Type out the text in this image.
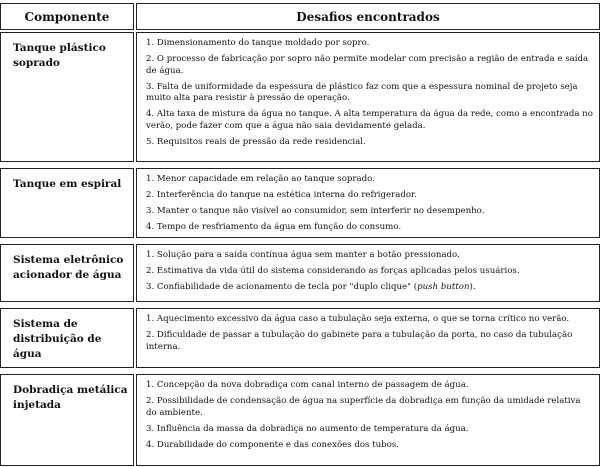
Componente	Desafios encontrados
Tanque plástico soprado
1. Dimensionamento do tanque moldado por sopro.
2. O processo de fabricação por sopro não permite modelar com precisão a região de entrada e saída de água.
3. Falta de uniformidade da espessura de plástico faz com que a espessura nominal de projeto seja muito alta para resistir à pressão de operação.
4. Alta taxa de mistura da água no tanque. A alta temperatura da água da rede, como a encontrada no verão, pode fazer com que a água não saia devidamente gelada.
5. Requisitos reais de pressão da rede residencial.
Tanque em espiral	1. Menor capacidade em relação ao tanque soprado.
2. Interferência do tanque na estética interna do refrigerador.
3. Manter o tanque não visível ao consumidor, sem interferir no desempenho.
4. Tempo de resfriamento da água em função do consumo.
Sistema eletrônico acionador de água
1. Solução para a saída contínua água sem manter a botão pressionado.
2. Estimativa da vida útil do sistema considerando as forças aplicadas pelos usuários.
3. Confiabilidade de acionamento de tecla por "duplo clique" (push button).
Sistema de distribuição de água
1. Aquecimento excessivo da água caso a tubulação seja externa, o que se torna crítico no verão.
2. Dificuldade de passar a tubulação do gabinete para a tubulação da porta, no caso da tubulação interna.
Dobradiça metálica injetada
1. Concepção da nova dobradiça com canal interno de passagem de água.
2. Possibilidade de condensação de água na superfície da dobradiça em função da umidade relativa do ambiente.
3. Influência da massa da dobradiça no aumento de temperatura da água.
4. Durabilidade do componente e das conexões dos tubos.
